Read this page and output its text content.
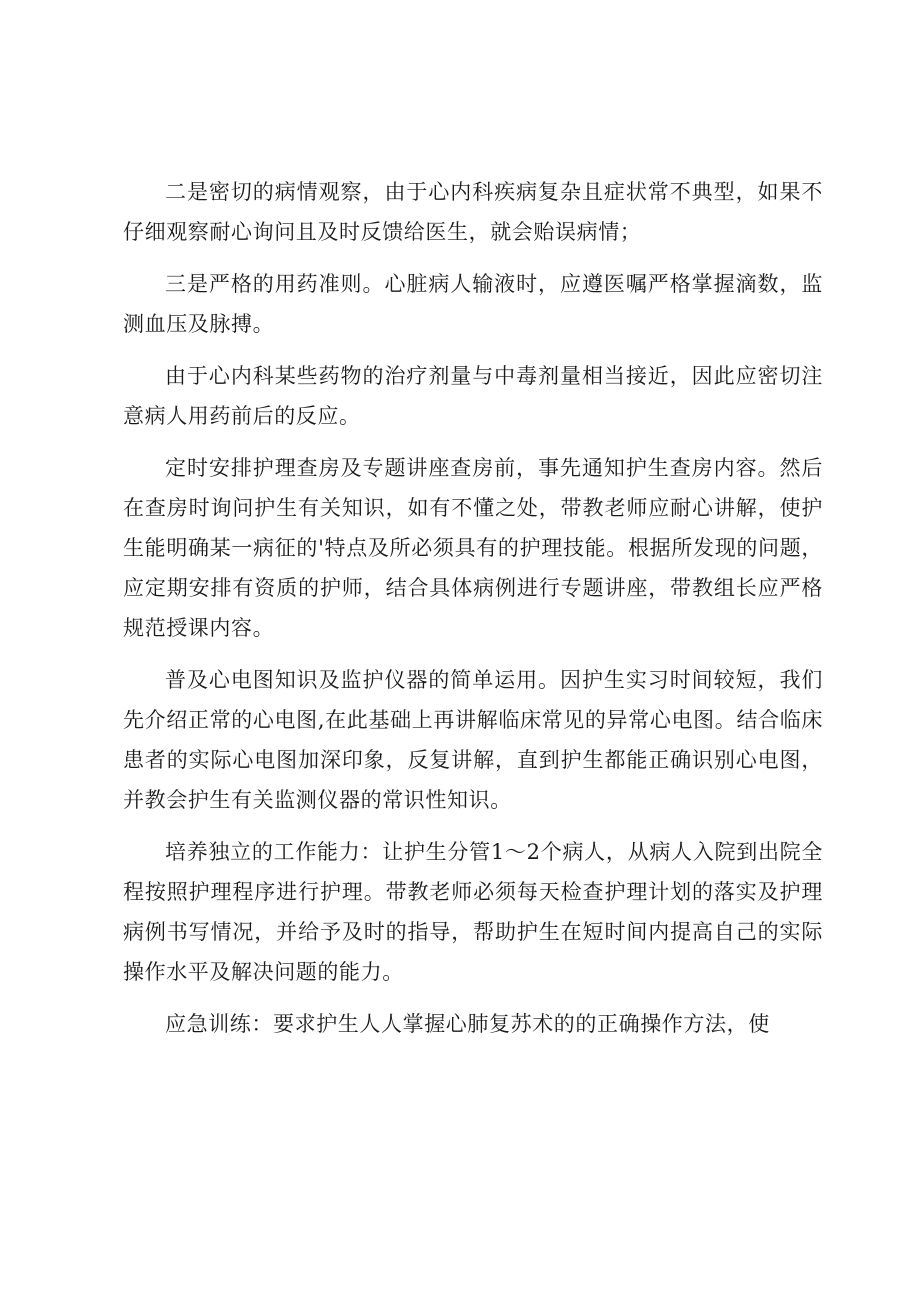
二是密切的病情观察，由于心内科疾病复杂且症状常不典型，如果不仔细观察耐心询问且及时反馈给医生，就会贻误病情；

三是严格的用药准则。心脏病人输液时，应遵医嘱严格掌握滴数，监测血压及脉搏。

由于心内科某些药物的治疗剂量与中毒剂量相当接近，因此应密切注意病人用药前后的反应。

定时安排护理查房及专题讲座查房前，事先通知护生查房内容。然后在查房时询问护生有关知识，如有不懂之处，带教老师应耐心讲解，使护生能明确某一病征的'特点及所必须具有的护理技能。根据所发现的问题，应定期安排有资质的护师，结合具体病例进行专题讲座，带教组长应严格规范授课内容。

普及心电图知识及监护仪器的简单运用。因护生实习时间较短，我们先介绍正常的心电图,在此基础上再讲解临床常见的异常心电图。结合临床患者的实际心电图加深印象，反复讲解，直到护生都能正确识别心电图，并教会护生有关监测仪器的常识性知识。

培养独立的工作能力：让护生分管1～2个病人，从病人入院到出院全程按照护理程序进行护理。带教老师必须每天检查护理计划的落实及护理病例书写情况，并给予及时的指导，帮助护生在短时间内提高自己的实际操作水平及解决问题的能力。

应急训练：要求护生人人掌握心肺复苏术的的正确操作方法，使
